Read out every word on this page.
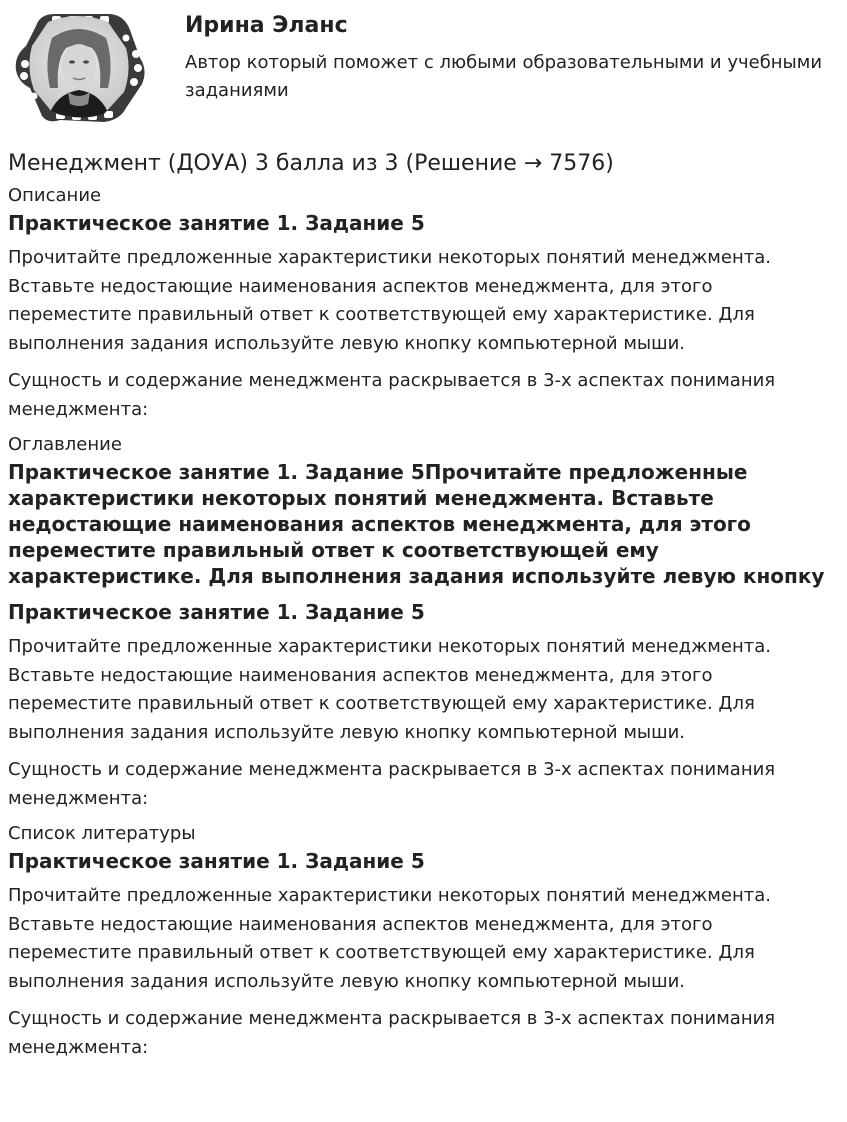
Ирина Эланс
Автор который поможет с любыми образовательными и учебными заданиями
Менеджмент (ДОУА) 3 балла из 3 (Решение → 7576)
Описание
Практическое занятие 1. Задание 5
Прочитайте предложенные характеристики некоторых понятий менеджмента. Вставьте недостающие наименования аспектов менеджмента, для этого переместите правильный ответ к соответствующей ему характеристике. Для выполнения задания используйте левую кнопку компьютерной мыши.
Сущность и содержание менеджмента раскрывается в 3-х аспектах понимания менеджмента:
Оглавление
Практическое занятие 1. Задание 5Прочитайте предложенные характеристики некоторых понятий менеджмента. Вставьте недостающие наименования аспектов менеджмента, для этого переместите правильный ответ к соответствующей ему характеристике. Для выполнения задания используйте левую кнопку
Практическое занятие 1. Задание 5
Прочитайте предложенные характеристики некоторых понятий менеджмента. Вставьте недостающие наименования аспектов менеджмента, для этого переместите правильный ответ к соответствующей ему характеристике. Для выполнения задания используйте левую кнопку компьютерной мыши.
Сущность и содержание менеджмента раскрывается в 3-х аспектах понимания менеджмента:
Список литературы
Практическое занятие 1. Задание 5
Прочитайте предложенные характеристики некоторых понятий менеджмента. Вставьте недостающие наименования аспектов менеджмента, для этого переместите правильный ответ к соответствующей ему характеристике. Для выполнения задания используйте левую кнопку компьютерной мыши.
Сущность и содержание менеджмента раскрывается в 3-х аспектах понимания менеджмента:
